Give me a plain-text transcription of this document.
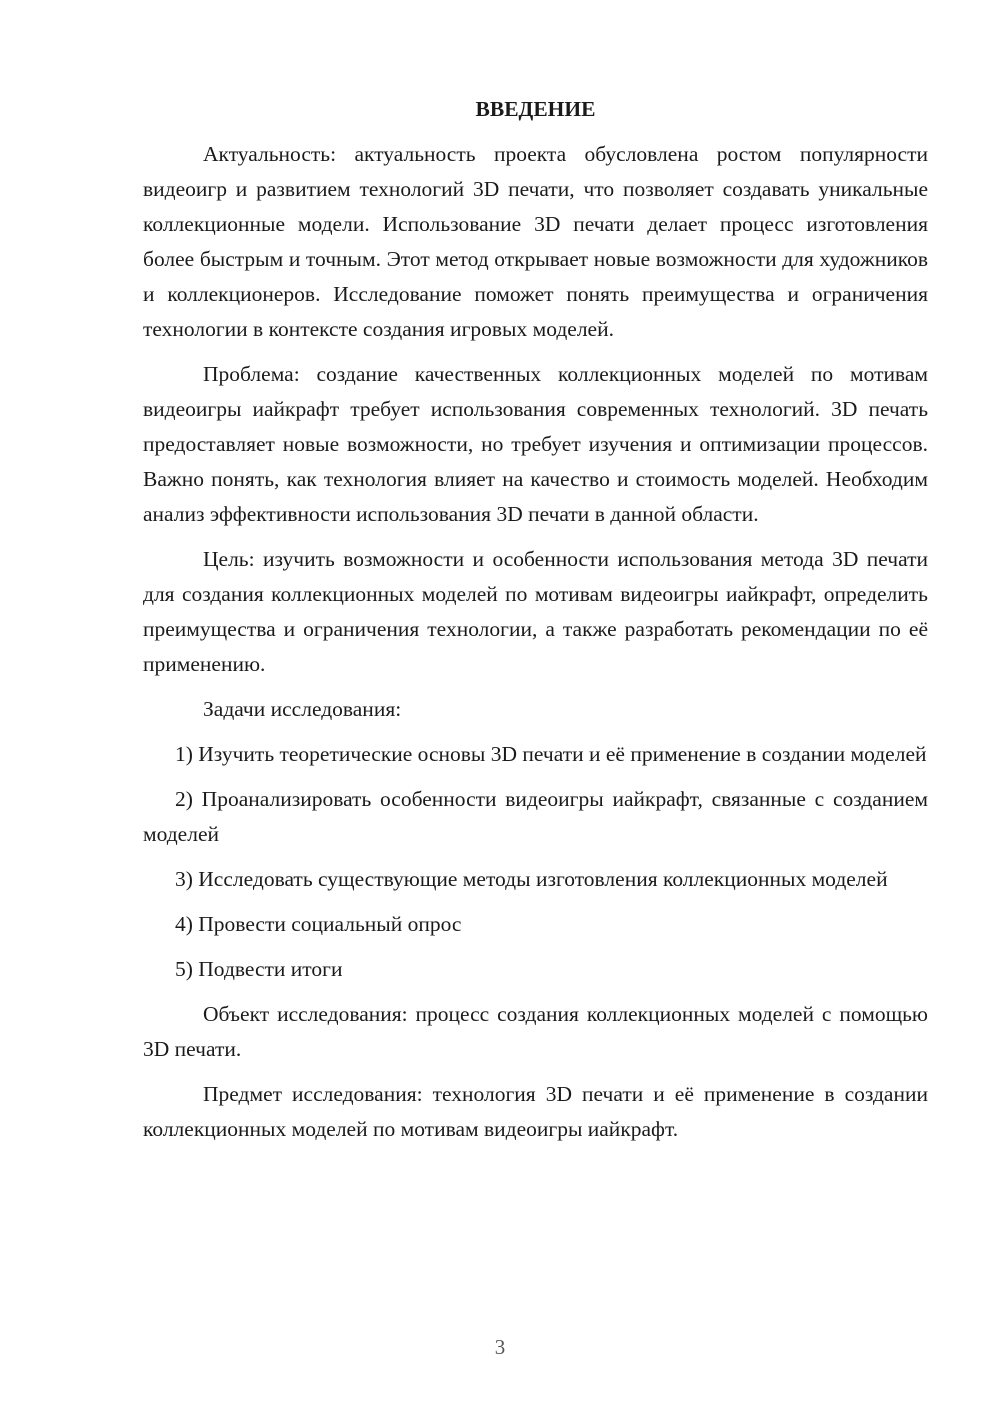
ВВЕДЕНИЕ

Актуальность: актуальность проекта обусловлена ростом популярности видеоигр и развитием технологий 3D печати, что позволяет создавать уникальные коллекционные модели. Использование 3D печати делает процесс изготовления более быстрым и точным. Этот метод открывает новые возможности для художников и коллекционеров. Исследование поможет понять преимущества и ограничения технологии в контексте создания игровых моделей.

Проблема: создание качественных коллекционных моделей по мотивам видеоигры иайкрафт требует использования современных технологий. 3D печать предоставляет новые возможности, но требует изучения и оптимизации процессов. Важно понять, как технология влияет на качество и стоимость моделей. Необходим анализ эффективности использования 3D печати в данной области.

Цель: изучить возможности и особенности использования метода 3D печати для создания коллекционных моделей по мотивам видеоигры иайкрафт, определить преимущества и ограничения технологии, а также разработать рекомендации по её применению.

Задачи исследования:

1) Изучить теоретические основы 3D печати и её применение в создании моделей

2) Проанализировать особенности видеоигры иайкрафт, связанные с созданием моделей

3) Исследовать существующие методы изготовления коллекционных моделей

4) Провести социальный опрос

5) Подвести итоги

Объект исследования: процесс создания коллекционных моделей с помощью 3D печати.

Предмет исследования: технология 3D печати и её применение в создании коллекционных моделей по мотивам видеоигры иайкрафт.

3
